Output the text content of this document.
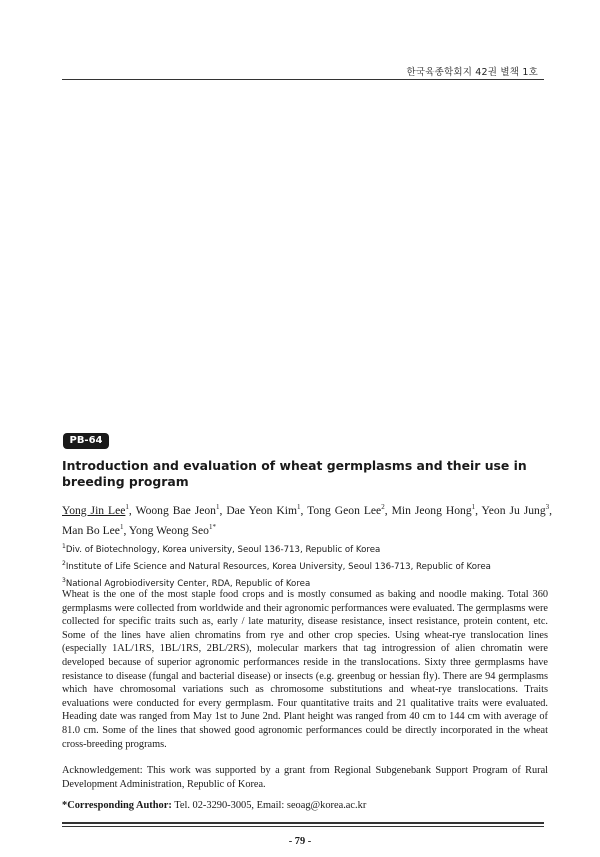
한국육종학회지 42권 별책 1호
PB-64
Introduction and evaluation of wheat germplasms and their use in breeding program

Yong Jin Lee$^1$, Woong Bae Jeon$^1$, Dae Yeon Kim$^1$, Tong Geon Lee$^2$, Min Jeong Hong$^1$, Yeon Ju Jung$^3$, Man Bo Lee$^1$, Yong Weong Seo$^{1*}$

$^1$Div. of Biotechnology, Korea university, Seoul 136-713, Republic of Korea
$^2$Institute of Life Science and Natural Resources, Korea University, Seoul 136-713, Republic of Korea
$^3$National Agrobiodiversity Center, RDA, Republic of Korea

Wheat is the one of the most staple food crops and is mostly consumed as baking and noodle making. Total 360 germplasms were collected from worldwide and their agronomic performances were evaluated. The germplasms were collected for specific traits such as, early / late maturity, disease resistance, insect resistance, protein content, etc. Some of the lines have alien chromatins from rye and other crop species. Using wheat-rye translocation lines (especially 1AL/1RS, 1BL/1RS, 2BL/2RS), molecular markers that tag introgression of alien chromatin were developed because of superior agronomic performances reside in the translocations. Sixty three germplasms have resistance to disease (fungal and bacterial disease) or insects (e.g. greenbug or hessian fly). There are 94 germplasms which have chromosomal variations such as chromosome substitutions and wheat-rye translocations. Traits evaluations were conducted for every germplasm. Four quantitative traits and 21 qualitative traits were evaluated. Heading date was ranged from May 1st to June 2nd. Plant height was ranged from 40 cm to 144 cm with average of 81.0 cm. Some of the lines that showed good agronomic performances could be directly incorporated in the wheat cross-breeding programs.

Acknowledgement: This work was supported by a grant from Regional Subgenebank Support Program of Rural Development Administration, Republic of Korea.

*Corresponding Author: Tel. 02-3290-3005, Email: seoag@korea.ac.kr

- 79 -
